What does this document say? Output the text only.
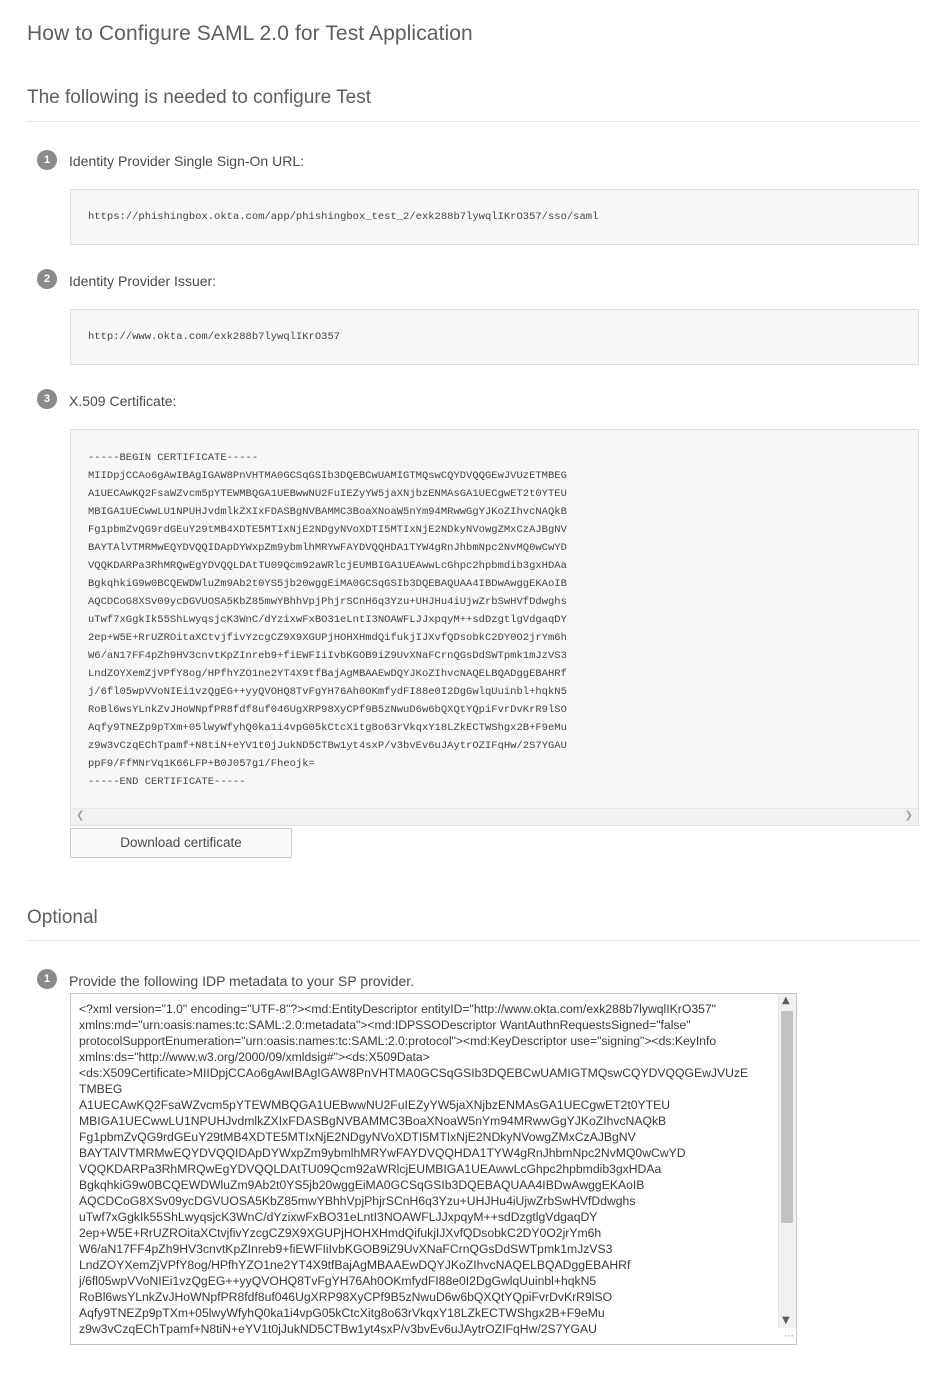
How to Configure SAML 2.0 for Test Application
The following is needed to configure Test
1	Identity Provider Single Sign-On URL:
https://phishingbox.okta.com/app/phishingbox_test_2/exk288b7lywqlIKrO357/sso/saml
2	Identity Provider Issuer:
http://www.okta.com/exk288b7lywqlIKrO357
3	X.509 Certificate:
-----BEGIN CERTIFICATE-----
MIIDpjCCAo6gAwIBAgIGAW8PnVHTMA0GCSqGSIb3DQEBCwUAMIGTMQswCQYDVQQGEwJVUzETMBEG
A1UECAwKQ2FsaWZvcm5pYTEWMBQGA1UEBwwNU2FuIEZyYW5jaXNjbzENMAsGA1UECgwET2t0YTEU
MBIGA1UECwwLU1NPUHJvdmlkZXIxFDASBgNVBAMMC3BoaXNoaW5nYm94MRwwGgYJKoZIhvcNAQkB
Fg1pbmZvQG9rdGEuY29tMB4XDTE5MTIxNjE2NDgyNVoXDTI5MTIxNjE2NDkyNVowgZMxCzAJBgNV
BAYTAlVTMRMwEQYDVQQIDApDYWxpZm9ybmlhMRYwFAYDVQQHDA1TYW4gRnJhbmNpc2NvMQ0wCwYD
VQQKDARPa3RhMRQwEgYDVQQLDAtTU09Qcm92aWRlcjEUMBIGA1UEAwwLcGhpc2hpbmdib3gxHDAa
BgkqhkiG9w0BCQEWDWluZm9Ab2t0YS5jb20wggEiMA0GCSqGSIb3DQEBAQUAA4IBDwAwggEKAoIB
AQCDCoG8XSv09ycDGVUOSA5KbZ85mwYBhhVpjPhjrSCnH6q3Yzu+UHJHu4iUjwZrbSwHVfDdwghs
uTwf7xGgkIk55ShLwyqsjcK3WnC/dYzixwFxBO31eLntI3NOAWFLJJxpqyM++sdDzgtlgVdgaqDY
2ep+W5E+RrUZROitaXCtvjfivYzcgCZ9X9XGUPjHOHXHmdQifukjIJXvfQDsobkC2DY0O2jrYm6h
W6/aN17FF4pZh9HV3cnvtKpZInreb9+fiEWFIiIvbKGOB9iZ9UvXNaFCrnQGsDdSWTpmk1mJzVS3
LndZOYXemZjVPfY8og/HPfhYZO1ne2YT4X9tfBajAgMBAAEwDQYJKoZIhvcNAQELBQADggEBAHRf
j/6fl05wpVVoNIEi1vzQgEG++yyQVOHQ8TvFgYH76Ah0OKmfydFI88e0I2DgGwlqUuinbl+hqkN5
RoBl6wsYLnkZvJHoWNpfPR8fdf8uf046UgXRP98XyCPf9B5zNwuD6w6bQXQtYQpiFvrDvKrR9lSO
Aqfy9TNEZp9pTXm+05lwyWfyhQ0ka1i4vpG05kCtcXitg8o63rVkqxY18LZkECTWShgx2B+F9eMu
z9w3vCzqEChTpamf+N8tiN+eYV1t0jJukND5CTBw1yt4sxP/v3bvEv6uJAytrOZIFqHw/2S7YGAU
ppF9/FfMNrVq1K66LFP+B0J057g1/Fheojk=
-----END CERTIFICATE-----
❮	❯
Download certificate
Optional
1	Provide the following IDP metadata to your SP provider.
<?xml version="1.0" encoding="UTF-8"?><md:EntityDescriptor entityID="http://www.okta.com/exk288b7lywqlIKrO357"
xmlns:md="urn:oasis:names:tc:SAML:2.0:metadata"><md:IDPSSODescriptor WantAuthnRequestsSigned="false"
protocolSupportEnumeration="urn:oasis:names:tc:SAML:2.0:protocol"><md:KeyDescriptor use="signing"><ds:KeyInfo
xmlns:ds="http://www.w3.org/2000/09/xmldsig#"><ds:X509Data>
<ds:X509Certificate>MIIDpjCCAo6gAwIBAgIGAW8PnVHTMA0GCSqGSIb3DQEBCwUAMIGTMQswCQYDVQQGEwJVUzE
TMBEG
A1UECAwKQ2FsaWZvcm5pYTEWMBQGA1UEBwwNU2FuIEZyYW5jaXNjbzENMAsGA1UECgwET2t0YTEU
MBIGA1UECwwLU1NPUHJvdmlkZXIxFDASBgNVBAMMC3BoaXNoaW5nYm94MRwwGgYJKoZIhvcNAQkB
Fg1pbmZvQG9rdGEuY29tMB4XDTE5MTIxNjE2NDgyNVoXDTI5MTIxNjE2NDkyNVowgZMxCzAJBgNV
BAYTAlVTMRMwEQYDVQQIDApDYWxpZm9ybmlhMRYwFAYDVQQHDA1TYW4gRnJhbmNpc2NvMQ0wCwYD
VQQKDARPa3RhMRQwEgYDVQQLDAtTU09Qcm92aWRlcjEUMBIGA1UEAwwLcGhpc2hpbmdib3gxHDAa
BgkqhkiG9w0BCQEWDWluZm9Ab2t0YS5jb20wggEiMA0GCSqGSIb3DQEBAQUAA4IBDwAwggEKAoIB
AQCDCoG8XSv09ycDGVUOSA5KbZ85mwYBhhVpjPhjrSCnH6q3Yzu+UHJHu4iUjwZrbSwHVfDdwghs
uTwf7xGgkIk55ShLwyqsjcK3WnC/dYzixwFxBO31eLntI3NOAWFLJJxpqyM++sdDzgtlgVdgaqDY
2ep+W5E+RrUZROitaXCtvjfivYzcgCZ9X9XGUPjHOHXHmdQifukjIJXvfQDsobkC2DY0O2jrYm6h
W6/aN17FF4pZh9HV3cnvtKpZInreb9+fiEWFIiIvbKGOB9iZ9UvXNaFCrnQGsDdSWTpmk1mJzVS3
LndZOYXemZjVPfY8og/HPfhYZO1ne2YT4X9tfBajAgMBAAEwDQYJKoZIhvcNAQELBQADggEBAHRf
j/6fl05wpVVoNIEi1vzQgEG++yyQVOHQ8TvFgYH76Ah0OKmfydFI88e0I2DgGwlqUuinbl+hqkN5
RoBl6wsYLnkZvJHoWNpfPR8fdf8uf046UgXRP98XyCPf9B5zNwuD6w6bQXQtYQpiFvrDvKrR9lSO
Aqfy9TNEZp9pTXm+05lwyWfyhQ0ka1i4vpG05kCtcXitg8o63rVkqxY18LZkECTWShgx2B+F9eMu
z9w3vCzqEChTpamf+N8tiN+eYV1t0jJukND5CTBw1yt4sxP/v3bvEv6uJAytrOZIFqHw/2S7YGAU
▲
▼
⋯
